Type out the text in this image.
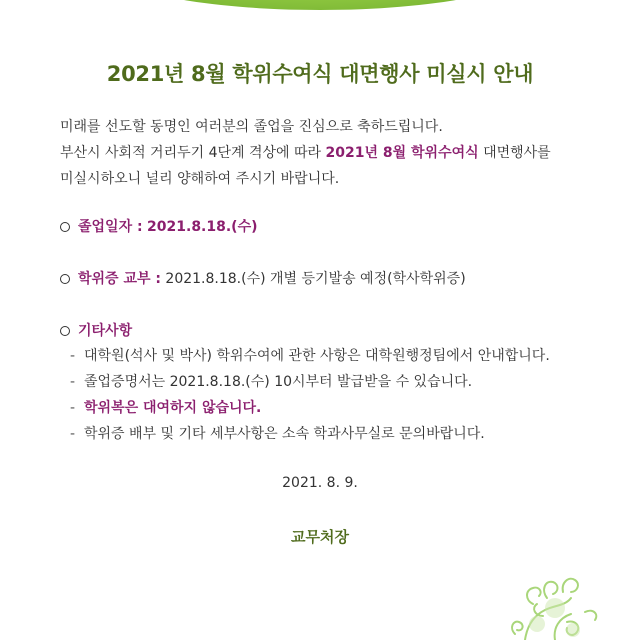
2021년 8월 학위수여식 대면행사 미실시 안내
미래를 선도할 동명인 여러분의 졸업을 진심으로 축하드립니다.
부산시 사회적 거리두기 4단계 격상에 따라 2021년 8월 학위수여식 대면행사를
미실시하오니 널리 양해하여 주시기 바랍니다.
졸업일자 : 2021.8.18.(수)
학위증 교부 : 2021.8.18.(수) 개별 등기발송 예정(학사학위증)
기타사항
- 대학원(석사 및 박사) 학위수여에 관한 사항은 대학원행정팀에서 안내합니다.
- 졸업증명서는 2021.8.18.(수) 10시부터 발급받을 수 있습니다.
- 학위복은 대여하지 않습니다.
- 학위증 배부 및 기타 세부사항은 소속 학과사무실로 문의바랍니다.
2021. 8. 9.
교무처장
